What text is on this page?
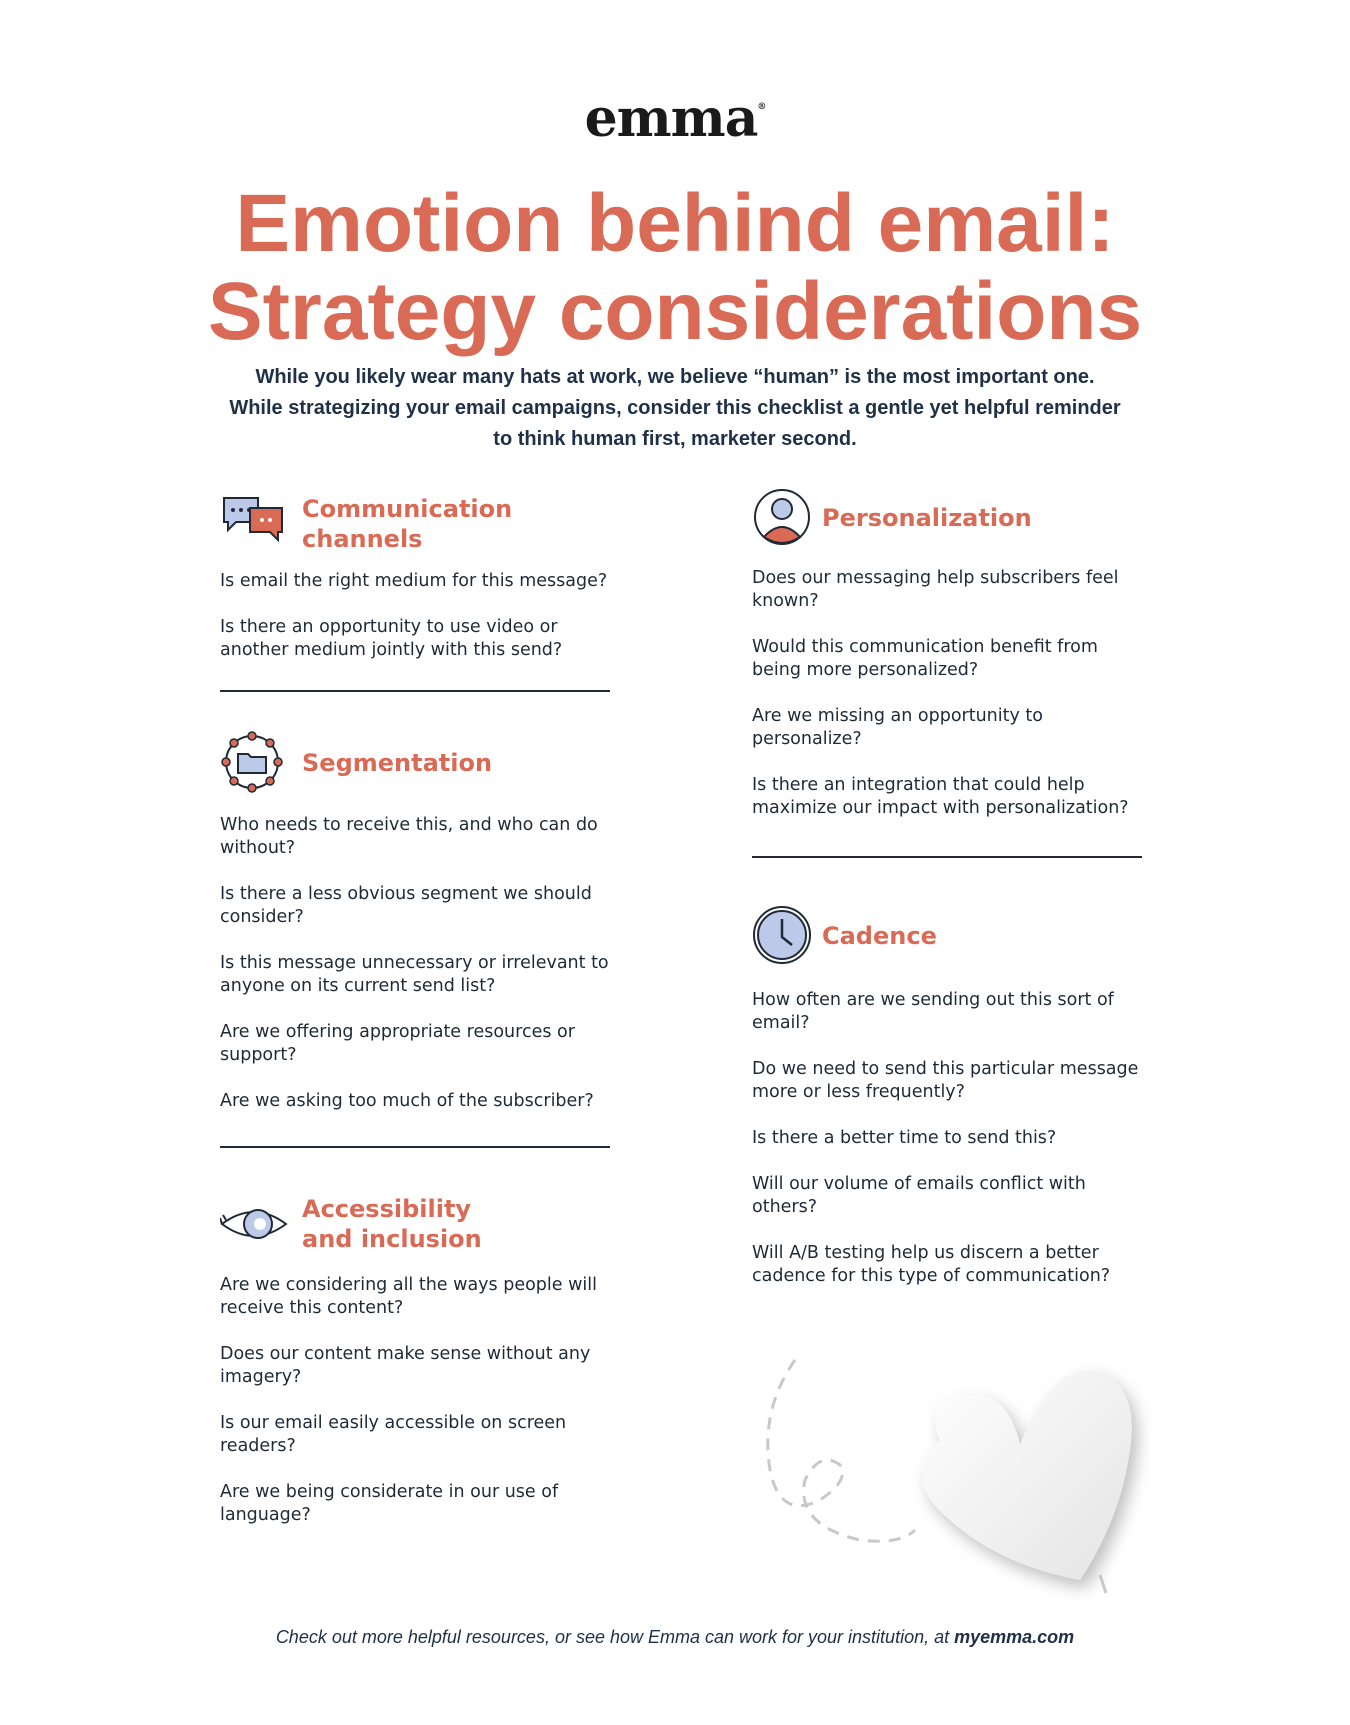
emma®
Emotion behind email:
Strategy considerations
While you likely wear many hats at work, we believe “human” is the most important one.
While strategizing your email campaigns, consider this checklist a gentle yet helpful reminder
to think human first, marketer second.
Communication
channels
Is email the right medium for this message?
Is there an opportunity to use video or another medium jointly with this send?
Segmentation
Who needs to receive this, and who can do without?
Is there a less obvious segment we should consider?
Is this message unnecessary or irrelevant to anyone on its current send list?
Are we offering appropriate resources or support?
Are we asking too much of the subscriber?
Accessibility
and inclusion
Are we considering all the ways people will receive this content?
Does our content make sense without any imagery?
Is our email easily accessible on screen readers?
Are we being considerate in our use of language?
Personalization
Does our messaging help subscribers feel known?
Would this communication benefit from being more personalized?
Are we missing an opportunity to personalize?
Is there an integration that could help maximize our impact with personalization?
Cadence
How often are we sending out this sort of email?
Do we need to send this particular message more or less frequently?
Is there a better time to send this?
Will our volume of emails conflict with others?
Will A/B testing help us discern a better cadence for this type of communication?
Check out more helpful resources, or see how Emma can work for your institution, at myemma.com
